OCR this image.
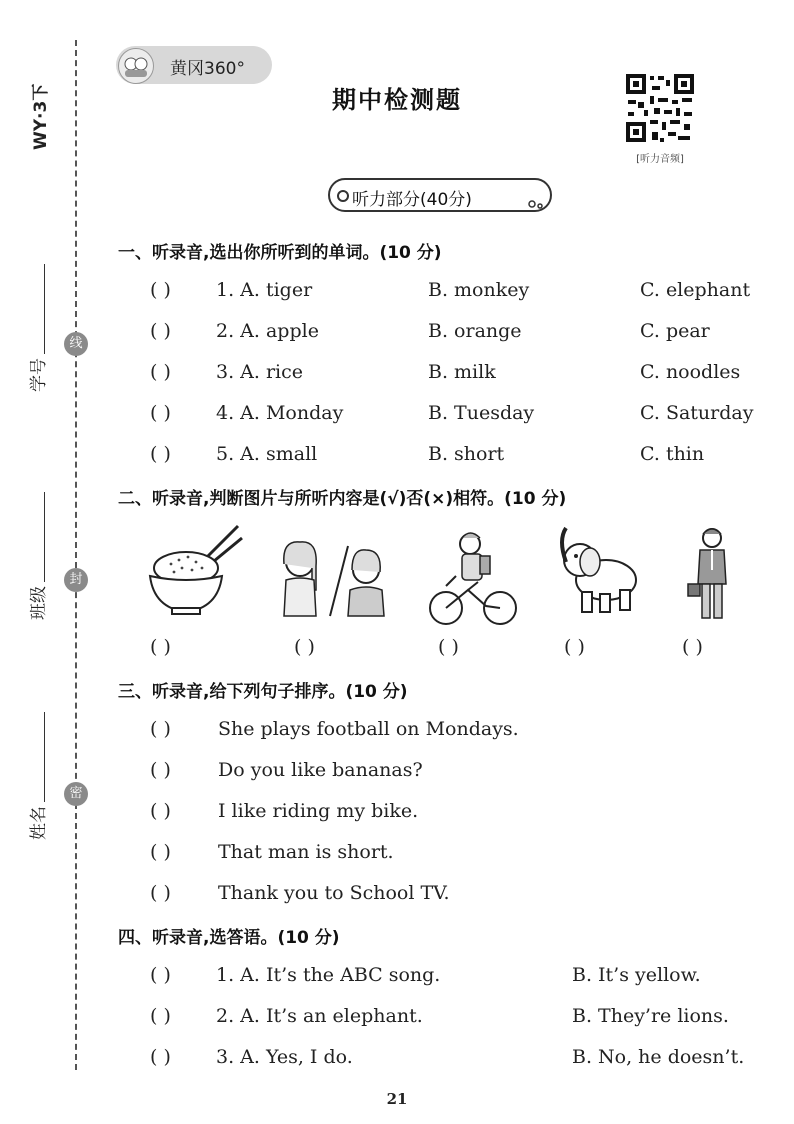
WY·3下
学号
班级
姓名
线
封
密
黄冈360°
期中检测题
[听力音频]
听力部分(40分)
一、听录音,选出你所听到的单词。(10 分)
( ) 1. A. tiger	B. monkey	C. elephant
( ) 2. A. apple	B. orange	C. pear
( ) 3. A. rice	B. milk	C. noodles
( ) 4. A. Monday	B. Tuesday	C. Saturday
( ) 5. A. small	B. short	C. thin
二、听录音,判断图片与所听内容是(√)否(×)相符。(10 分)
( )	( )	( )	( )	( )
三、听录音,给下列句子排序。(10 分)
( ) She plays football on Mondays.
( ) Do you like bananas?
( ) I like riding my bike.
( ) That man is short.
( ) Thank you to School TV.
四、听录音,选答语。(10 分)
( ) 1. A. It’s the ABC song.	B. It’s yellow.
( ) 2. A. It’s an elephant.	B. They’re lions.
( ) 3. A. Yes, I do.	B. No, he doesn’t.
21
